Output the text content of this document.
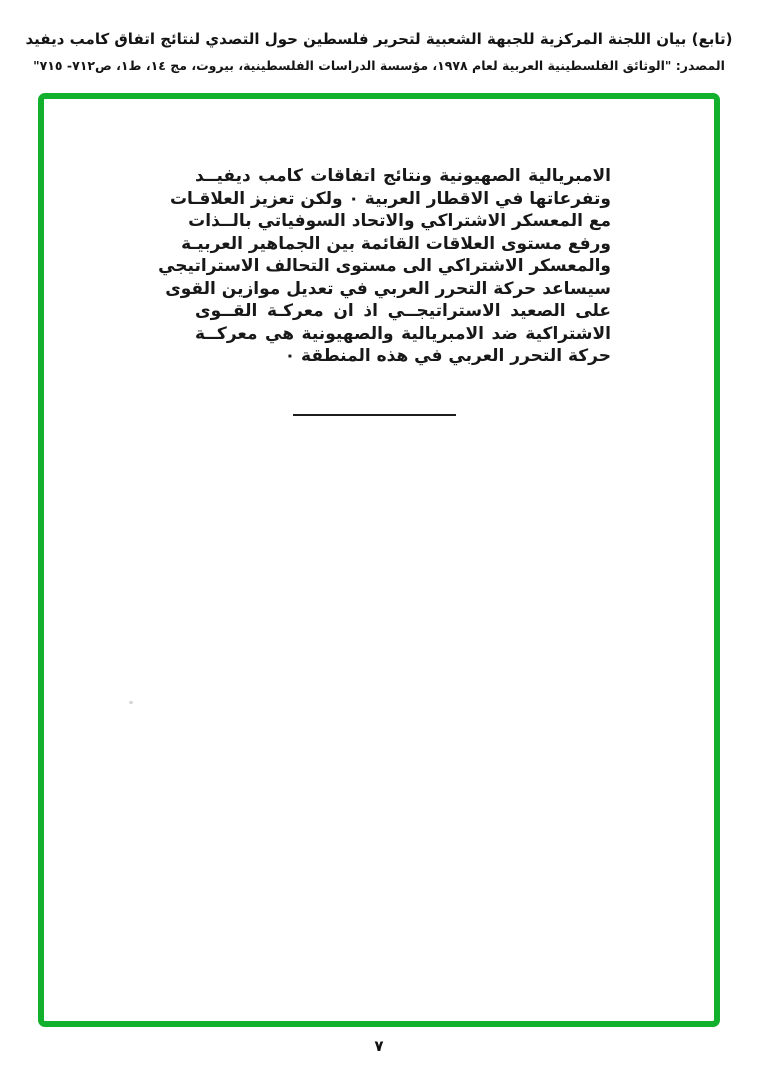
(تابع) بيان اللجنة المركزية للجبهة الشعبية لتحرير فلسطين حول التصدي لنتائج اتفاق كامب ديفيد
المصدر: "الوثائق الفلسطينية العربية لعام ١٩٧٨، مؤسسة الدراسات الفلسطينية، بيروت، مج ١٤، ط١، ص٧١٢- ٧١٥"
الامبريالية الصهيونية ونتائج اتفاقات كامب ديفيــد
وتفرعاتها في الاقطار العربية ٠ ولكن تعزيز العلاقـات
مع المعسكر الاشتراكي والاتحاد السوفياتي بالــذات
ورفع مستوى العلاقات القائمة بين الجماهير العربيـة
والمعسكر الاشتراكي الى مستوى التحالف الاستراتيجي
سيساعد حركة التحرر العربي في تعديل موازين القوى
على الصعيد الاستراتيجــي اذ ان معركـة القــوى
الاشتراكية ضد الامبريالية والصهيونية هي معركــة
حركة التحرر العربي في هذه المنطقة ٠
٧
